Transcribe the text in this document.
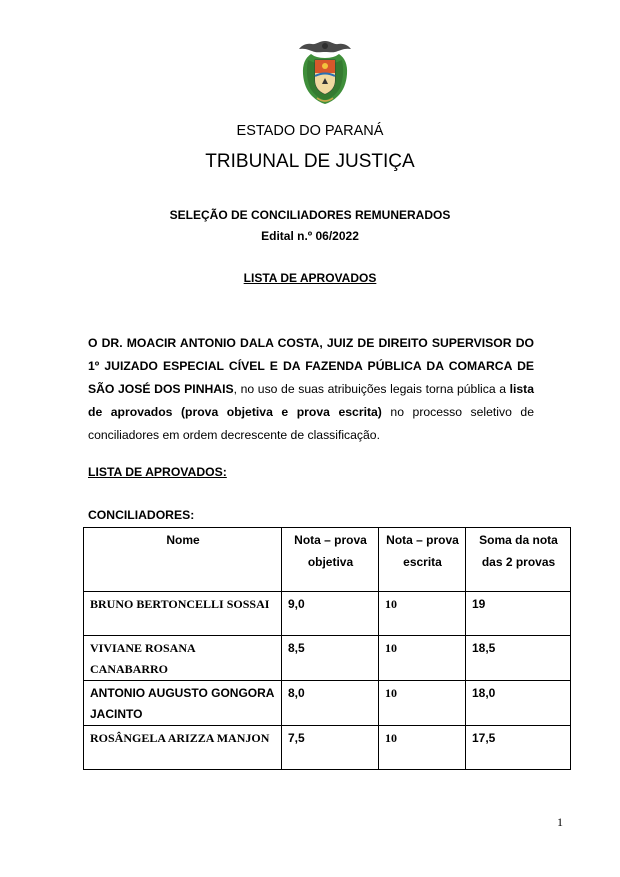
ESTADO DO PARANÁ
TRIBUNAL DE JUSTIÇA
SELEÇÃO DE CONCILIADORES REMUNERADOS
Edital n.º 06/2022
LISTA DE APROVADOS
O DR. MOACIR ANTONIO DALA COSTA, JUIZ DE DIREITO SUPERVISOR DO 1º JUIZADO ESPECIAL CÍVEL E DA FAZENDA PÚBLICA DA COMARCA DE SÃO JOSÉ DOS PINHAIS, no uso de suas atribuições legais torna pública a lista de aprovados (prova objetiva e prova escrita) no processo seletivo de conciliadores em ordem decrescente de classificação.
LISTA DE APROVADOS:
CONCILIADORES:
Nome	Nota – prova objetiva	Nota – prova escrita	Soma da nota das 2 provas
BRUNO BERTONCELLI SOSSAI	9,0	10	19
VIVIANE ROSANA CANABARRO	8,5	10	18,5
ANTONIO AUGUSTO GONGORA JACINTO	8,0	10	18,0
ROSÂNGELA ARIZZA MANJON	7,5	10	17,5
1
